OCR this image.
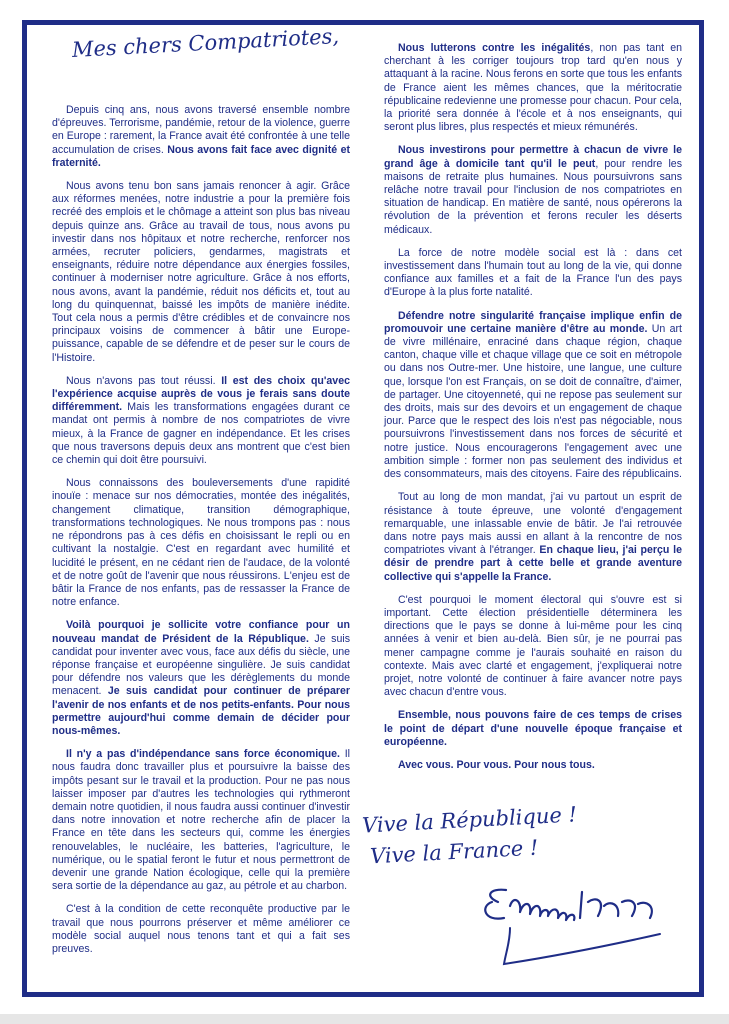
Mes chers Compatriotes,

Depuis cinq ans, nous avons traversé ensemble nombre d'épreuves. Terrorisme, pandémie, retour de la violence, guerre en Europe : rarement, la France avait été confrontée à une telle accumulation de crises. Nous avons fait face avec dignité et fraternité.

Nous avons tenu bon sans jamais renoncer à agir. Grâce aux réformes menées, notre industrie a pour la première fois recréé des emplois et le chômage a atteint son plus bas niveau depuis quinze ans. Grâce au travail de tous, nous avons pu investir dans nos hôpitaux et notre recherche, renforcer nos armées, recruter policiers, gendarmes, magistrats et enseignants, réduire notre dépendance aux énergies fossiles, continuer à moderniser notre agriculture. Grâce à nos efforts, nous avons, avant la pandémie, réduit nos déficits et, tout au long du quinquennat, baissé les impôts de manière inédite. Tout cela nous a permis d'être crédibles et de convaincre nos principaux voisins de commencer à bâtir une Europe-puissance, capable de se défendre et de peser sur le cours de l'Histoire.

Nous n'avons pas tout réussi. Il est des choix qu'avec l'expérience acquise auprès de vous je ferais sans doute différemment. Mais les transformations engagées durant ce mandat ont permis à nombre de nos compatriotes de vivre mieux, à la France de gagner en indépendance. Et les crises que nous traversons depuis deux ans montrent que c'est bien ce chemin qui doit être poursuivi.

Nous connaissons des bouleversements d'une rapidité inouïe : menace sur nos démocraties, montée des inégalités, changement climatique, transition démographique, transformations technologiques. Ne nous trompons pas : nous ne répondrons pas à ces défis en choisissant le repli ou en cultivant la nostalgie. C'est en regardant avec humilité et lucidité le présent, en ne cédant rien de l'audace, de la volonté et de notre goût de l'avenir que nous réussirons. L'enjeu est de bâtir la France de nos enfants, pas de ressasser la France de notre enfance.

Voilà pourquoi je sollicite votre confiance pour un nouveau mandat de Président de la République. Je suis candidat pour inventer avec vous, face aux défis du siècle, une réponse française et européenne singulière. Je suis candidat pour défendre nos valeurs que les dérèglements du monde menacent. Je suis candidat pour continuer de préparer l'avenir de nos enfants et de nos petits-enfants. Pour nous permettre aujourd'hui comme demain de décider pour nous-mêmes.

Il n'y a pas d'indépendance sans force économique. Il nous faudra donc travailler plus et poursuivre la baisse des impôts pesant sur le travail et la production. Pour ne pas nous laisser imposer par d'autres les technologies qui rythmeront demain notre quotidien, il nous faudra aussi continuer d'investir dans notre innovation et notre recherche afin de placer la France en tête dans les secteurs qui, comme les énergies renouvelables, le nucléaire, les batteries, l'agriculture, le numérique, ou le spatial feront le futur et nous permettront de devenir une grande Nation écologique, celle qui la première sera sortie de la dépendance au gaz, au pétrole et au charbon.

C'est à la condition de cette reconquête productive par le travail que nous pourrons préserver et même améliorer ce modèle social auquel nous tenons tant et qui a fait ses preuves.

Nous lutterons contre les inégalités, non pas tant en cherchant à les corriger toujours trop tard qu'en nous y attaquant à la racine. Nous ferons en sorte que tous les enfants de France aient les mêmes chances, que la méritocratie républicaine redevienne une promesse pour chacun. Pour cela, la priorité sera donnée à l'école et à nos enseignants, qui seront plus libres, plus respectés et mieux rémunérés.

Nous investirons pour permettre à chacun de vivre le grand âge à domicile tant qu'il le peut, pour rendre les maisons de retraite plus humaines. Nous poursuivrons sans relâche notre travail pour l'inclusion de nos compatriotes en situation de handicap. En matière de santé, nous opérerons la révolution de la prévention et ferons reculer les déserts médicaux.

La force de notre modèle social est là : dans cet investissement dans l'humain tout au long de la vie, qui donne confiance aux familles et a fait de la France l'un des pays d'Europe à la plus forte natalité.

Défendre notre singularité française implique enfin de promouvoir une certaine manière d'être au monde. Un art de vivre millénaire, enraciné dans chaque région, chaque canton, chaque ville et chaque village que ce soit en métropole ou dans nos Outre-mer. Une histoire, une langue, une culture que, lorsque l'on est Français, on se doit de connaître, d'aimer, de partager. Une citoyenneté, qui ne repose pas seulement sur des droits, mais sur des devoirs et un engagement de chaque jour. Parce que le respect des lois n'est pas négociable, nous poursuivrons l'investissement dans nos forces de sécurité et notre justice. Nous encouragerons l'engagement avec une ambition simple : former non pas seulement des individus et des consommateurs, mais des citoyens. Faire des républicains.

Tout au long de mon mandat, j'ai vu partout un esprit de résistance à toute épreuve, une volonté d'engagement remarquable, une inlassable envie de bâtir. Je l'ai retrouvée dans notre pays mais aussi en allant à la rencontre de nos compatriotes vivant à l'étranger. En chaque lieu, j'ai perçu le désir de prendre part à cette belle et grande aventure collective qui s'appelle la France.

C'est pourquoi le moment électoral qui s'ouvre est si important. Cette élection présidentielle déterminera les directions que le pays se donne à lui-même pour les cinq années à venir et bien au-delà. Bien sûr, je ne pourrai pas mener campagne comme je l'aurais souhaité en raison du contexte. Mais avec clarté et engagement, j'expliquerai notre projet, notre volonté de continuer à faire avancer notre pays avec chacun d'entre vous.

Ensemble, nous pouvons faire de ces temps de crises le point de départ d'une nouvelle époque française et européenne.

Avec vous. Pour vous. Pour nous tous.

Vive la République !
Vive la France !
